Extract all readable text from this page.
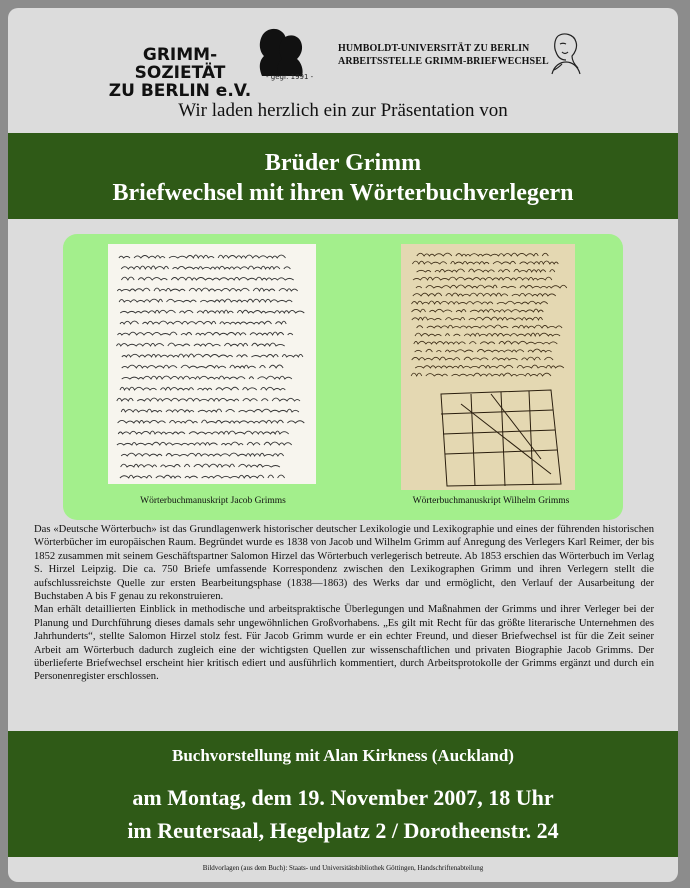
GRIMM-SOZIETÄT
ZU BERLIN e.V.
- gegr. 1991 -
HUMBOLDT-UNIVERSITÄT ZU BERLIN
ARBEITSSTELLE GRIMM-BRIEFWECHSEL
Wir laden herzlich ein zur Präsentation von
Brüder Grimm
Briefwechsel mit ihren Wörterbuchverlegern
Wörterbuchmanuskript Jacob Grimms	Wörterbuchmanuskript Wilhelm Grimms

Das «Deutsche Wörterbuch» ist das Grundlagenwerk historischer deutscher Lexikologie und Lexikographie und eines der führenden historischen Wörterbücher im europäischen Raum. Begründet wurde es 1838 von Jacob und Wilhelm Grimm auf Anregung des Verlegers Karl Reimer, der bis 1852 zusammen mit seinem Geschäftspartner Salomon Hirzel das Wörterbuch verlegerisch betreute. Ab 1853 erschien das Wörterbuch im Verlag S. Hirzel Leipzig. Die ca. 750 Briefe umfassende Korrespondenz zwischen den Lexikographen Grimm und ihren Verlegern stellt die aufschlussreichste Quelle zur ersten Bearbeitungsphase (1838—1863) des Werks dar und ermöglicht, den Verlauf der Ausarbeitung der Buchstaben A bis F genau zu rekonstruieren.

Man erhält detaillierten Einblick in methodische und arbeitspraktische Überlegungen und Maßnahmen der Grimms und ihrer Verleger bei der Planung und Durchführung dieses damals sehr ungewöhnlichen Großvorhabens. „Es gilt mit Recht für das größte literarische Unternehmen des Jahrhunderts“, stellte Salomon Hirzel stolz fest. Für Jacob Grimm wurde er ein echter Freund, und dieser Briefwechsel ist für die Zeit seiner Arbeit am Wörterbuch dadurch zugleich eine der wichtigsten Quellen zur wissenschaftlichen und privaten Biographie Jacob Grimms. Der überlieferte Briefwechsel erscheint hier kritisch ediert und ausführlich kommentiert, durch Arbeitsprotokolle der Grimms ergänzt und durch ein Personenregister erschlossen.

Buchvorstellung mit Alan Kirkness (Auckland)
am Montag, dem 19. November 2007, 18 Uhr
im Reutersaal, Hegelplatz 2 / Dorotheenstr. 24
Bildvorlagen (aus dem Buch): Staats- und Universitätsbibliothek Göttingen, Handschriftenabteilung
